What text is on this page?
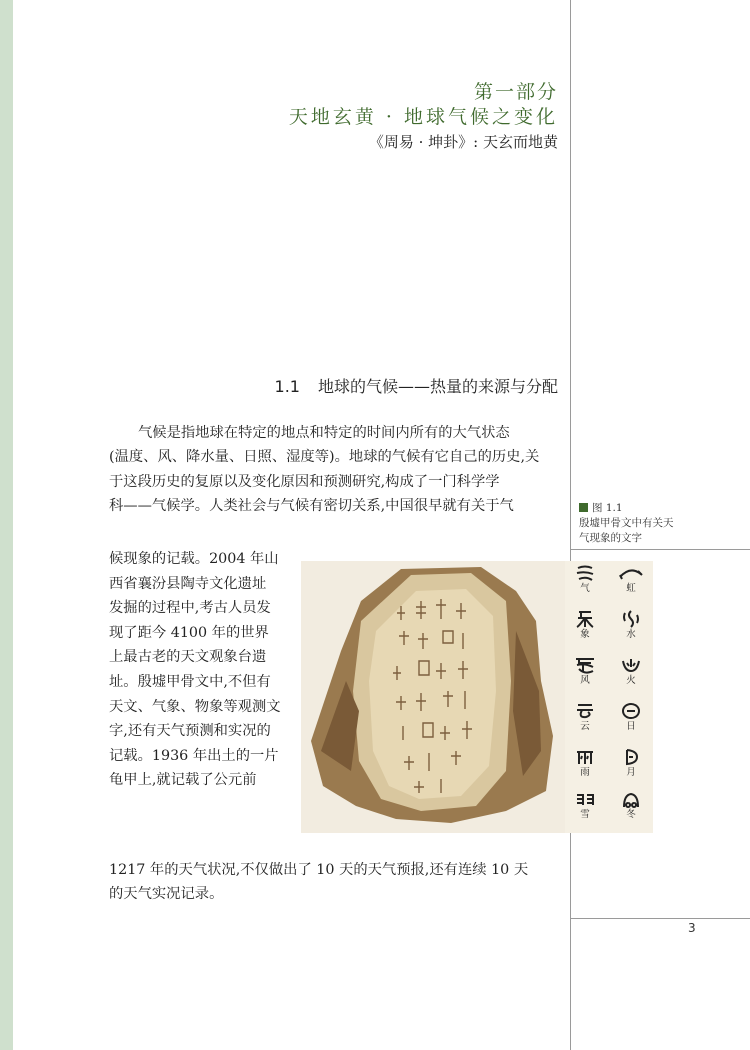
第一部分
天地玄黄 · 地球气候之变化
《周易 · 坤卦》: 天玄而地黄
1.1 地球的气候——热量的来源与分配
气候是指地球在特定的地点和特定的时间内所有的大气状态
(温度、风、降水量、日照、湿度等)。地球的气候有它自己的历史,关
于这段历史的复原以及变化原因和预测研究,构成了一门科学学
科——气候学。人类社会与气候有密切关系,中国很早就有关于气
候现象的记载。2004 年山
西省襄汾县陶寺文化遗址
发掘的过程中,考古人员发
现了距今 4100 年的世界
上最古老的天文观象台遗
址。殷墟甲骨文中,不但有
天文、气象、物象等观测文
字,还有天气预测和实况的
记载。1936 年出土的一片
龟甲上,就记载了公元前
1217 年的天气状况,不仅做出了 10 天的天气预报,还有连续 10 天
的天气实况记录。
图 1.1
殷墟甲骨文中有关天
气现象的文字
气	虹
象	水
风	火
云	日
雨	月
雪	冬
3
